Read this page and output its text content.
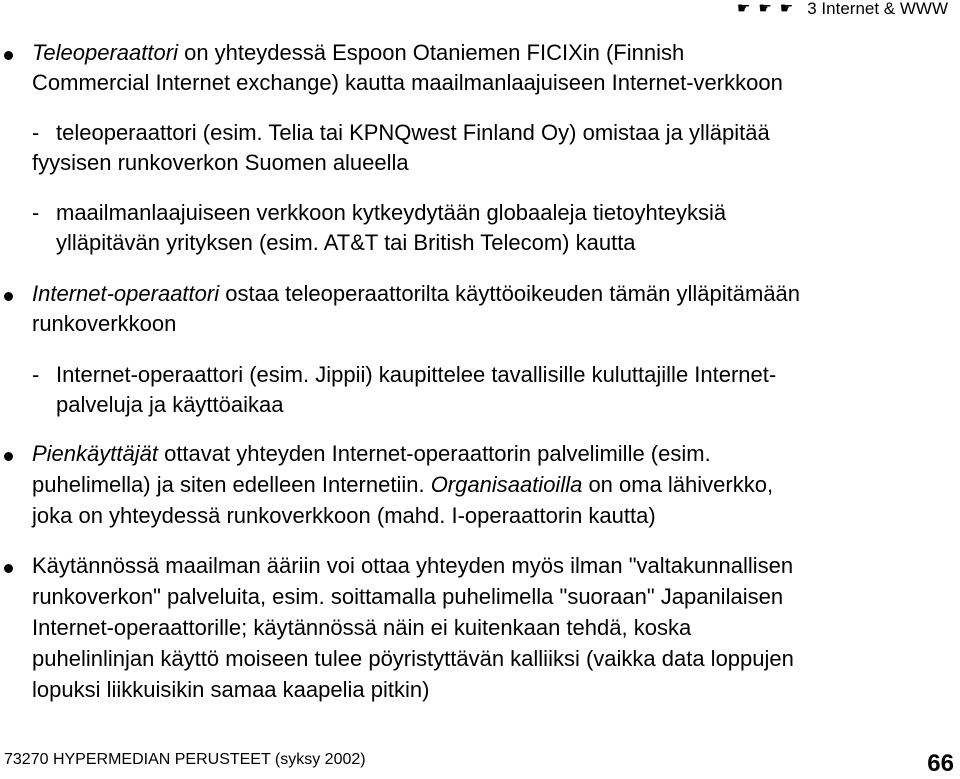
☛ ☛ ☛ 3 Internet & WWW
Teleoperaattori on yhteydessä Espoon Otaniemen FICIXin (Finnish
Commercial Internet exchange) kautta maailmanlaajuiseen Internet-verkkoon
- teleoperaattori (esim. Telia tai KPNQwest Finland Oy) omistaa ja ylläpitää
fyysisen runkoverkon Suomen alueella
- maailmanlaajuiseen verkkoon kytkeydytään globaaleja tietoyhteyksiä
ylläpitävän yrityksen (esim. AT&T tai British Telecom) kautta
Internet-operaattori ostaa teleoperaattorilta käyttöoikeuden tämän ylläpitämään
runkoverkkoon
- Internet-operaattori (esim. Jippii) kaupittelee tavallisille kuluttajille Internet-
palveluja ja käyttöaikaa
Pienkäyttäjät ottavat yhteyden Internet-operaattorin palvelimille (esim.
puhelimella) ja siten edelleen Internetiin. Organisaatioilla on oma lähiverkko,
joka on yhteydessä runkoverkkoon (mahd. I-operaattorin kautta)
Käytännössä maailman ääriin voi ottaa yhteyden myös ilman "valtakunnallisen
runkoverkon" palveluita, esim. soittamalla puhelimella "suoraan" Japanilaisen
Internet-operaattorille; käytännössä näin ei kuitenkaan tehdä, koska
puhelinlinjan käyttö moiseen tulee pöyristyttävän kalliiksi (vaikka data loppujen
lopuksi liikkuisikin samaa kaapelia pitkin)
73270 HYPERMEDIAN PERUSTEET (syksy 2002)	66
